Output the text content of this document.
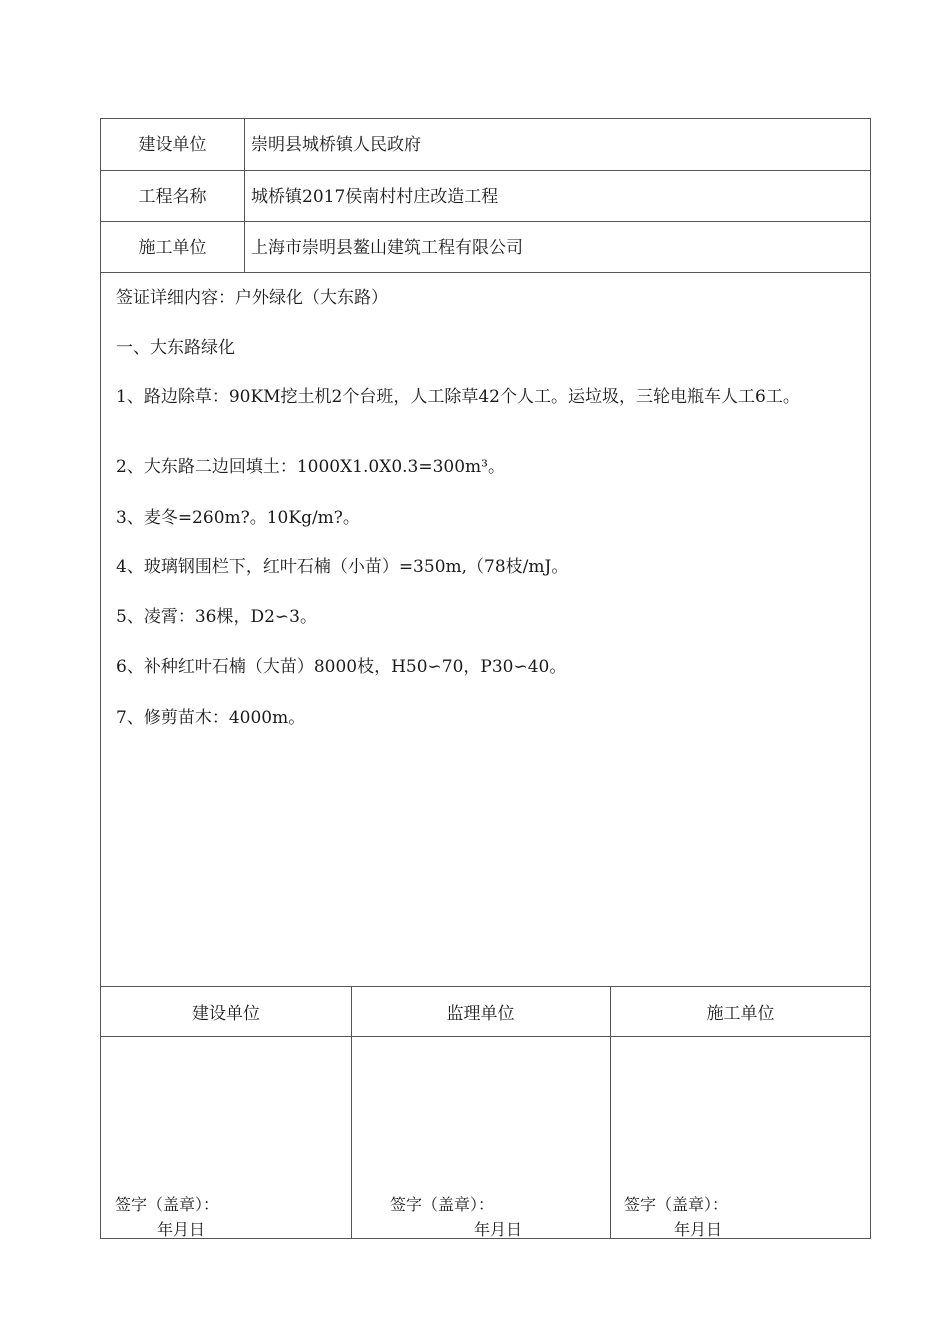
建设单位	崇明县城桥镇人民政府
工程名称	城桥镇2017侯南村村庄改造工程
施工单位	上海市崇明县鳌山建筑工程有限公司
签证详细内容：户外绿化（大东路）
一、大东路绿化
1、路边除草：90KM挖土机2个台班，人工除草42个人工。运垃圾，三轮电瓶车人工6工。
2、大东路二边回填土：1000X1.0X0.3=300m³。
3、麦冬=260m?。10Kg/m?。
4、玻璃钢围栏下，红叶石楠（小苗）=350m,（78枝/mJ。
5、凌霄：36棵，D2∽3。
6、补种红叶石楠（大苗）8000枝，H50∽70，P30∽40。
7、修剪苗木：4000m。
建设单位	监理单位	施工单位
签字（盖章）：
年月日
签字（盖章）：
年月日
签字（盖章）：
年月日
